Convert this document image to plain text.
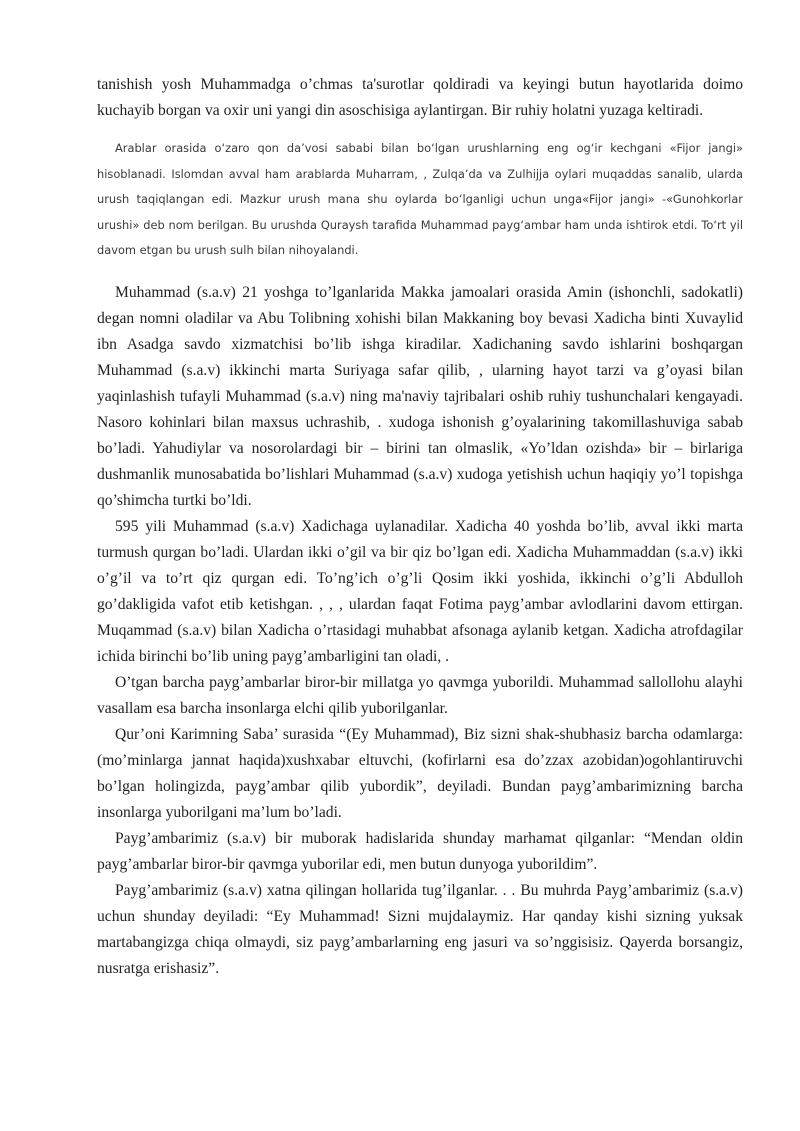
tanishish yosh Muhammadga o’chmas ta'surotlar qoldiradi va keyingi butun hayotlarida doimo kuchayib borgan va oxir uni yangi din asoschisiga aylantirgan. Bir ruhiy holatni yuzaga keltiradi.

Arablar orasida o‘zaro qon da’vosi sababi bilan bo‘lgan urushlarning eng og‘ir kechgani «Fijor jangi» hisoblanadi. Islomdan avval ham arablarda Muharram, , Zulqa’da va Zulhijja oylari muqaddas sanalib, ularda urush taqiqlangan edi. Mazkur urush mana shu oylarda bo‘lganligi uchun unga«Fijor jangi» -«Gunohkorlar urushi» deb nom berilgan. Bu urushda Quraysh tarafida Muhammad payg‘ambar ham unda ishtirok etdi. To‘rt yil davom etgan bu urush sulh bilan nihoyalandi.

Muhammad (s.a.v) 21 yoshga to’lganlarida Makka jamoalari orasida Amin (ishonchli, sadokatli) degan nomni oladilar va Abu Tolibning xohishi bilan Makkaning boy bevasi Xadicha binti Xuvaylid ibn Asadga savdo xizmatchisi bo’lib ishga kiradilar. Xadichaning savdo ishlarini boshqargan Muhammad (s.a.v) ikkinchi marta Suriyaga safar qilib, , ularning hayot tarzi va g’oyasi bilan yaqinlashish tufayli Muhammad (s.a.v) ning ma'naviy tajribalari oshib ruhiy tushunchalari kengayadi. Nasoro kohinlari bilan maxsus uchrashib, . xudoga ishonish g’oyalarining takomillashuviga sabab bo’ladi. Yahudiylar va nosorolardagi bir – birini tan olmaslik, «Yo’ldan ozishda» bir – birlariga dushmanlik munosabatida bo’lishlari Muhammad (s.a.v) xudoga yetishish uchun haqiqiy yo’l topishga qo’shimcha turtki bo’ldi.

595 yili Muhammad (s.a.v) Xadichaga uylanadilar. Xadicha 40 yoshda bo’lib, avval ikki marta turmush qurgan bo’ladi. Ulardan ikki o’gil va bir qiz bo’lgan edi. Xadicha Muhammaddan (s.a.v) ikki o’g’il va to’rt qiz qurgan edi. To’ng’ich o’g’li Qosim ikki yoshida, ikkinchi o’g’li Abdulloh go’dakligida vafot etib ketishgan. , , , ulardan faqat Fotima payg’ambar avlodlarini davom ettirgan. Muqammad (s.a.v) bilan Xadicha o’rtasidagi muhabbat afsonaga aylanib ketgan. Xadicha atrofdagilar ichida birinchi bo’lib uning payg’ambarligini tan oladi, .

O’tgan barcha payg’ambarlar biror-bir millatga yo qavmga yuborildi. Muhammad sallollohu alayhi vasallam esa barcha insonlarga elchi qilib yuborilganlar.

Qur’oni Karimning Saba’ surasida “(Ey Muhammad), Biz sizni shak-shubhasiz barcha odamlarga: (mo’minlarga jannat haqida)xushxabar eltuvchi, (kofirlarni esa do’zzax azobidan)ogohlantiruvchi bo’lgan holingizda, payg’ambar qilib yubordik”, deyiladi. Bundan payg’ambarimizning barcha insonlarga yuborilgani ma’lum bo’ladi.

Payg’ambarimiz (s.a.v) bir muborak hadislarida shunday marhamat qilganlar: “Mendan oldin payg’ambarlar biror-bir qavmga yuborilar edi, men butun dunyoga yuborildim”.

Payg’ambarimiz (s.a.v) xatna qilingan hollarida tug’ilganlar. . . Bu muhrda Payg’ambarimiz (s.a.v) uchun shunday deyiladi: “Ey Muhammad! Sizni mujdalaymiz. Har qanday kishi sizning yuksak martabangizga chiqa olmaydi, siz payg’ambarlarning eng jasuri va so’nggisisiz. Qayerda borsangiz, nusratga erishasiz”.
